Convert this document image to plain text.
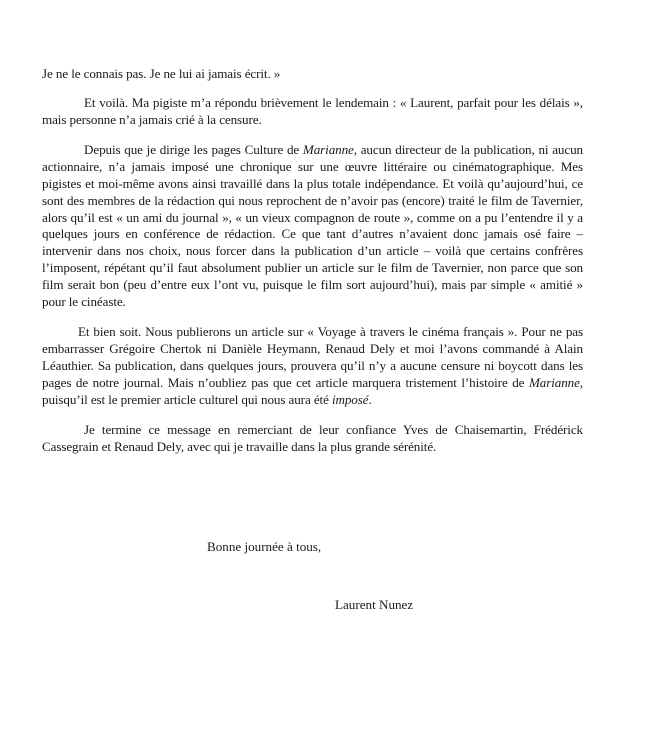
Je ne le connais pas. Je ne lui ai jamais écrit. »

Et voilà. Ma pigiste m’a répondu brièvement le lendemain : « Laurent, parfait pour les délais », mais personne n’a jamais crié à la censure.

Depuis que je dirige les pages Culture de Marianne, aucun directeur de la publication, ni aucun actionnaire, n’a jamais imposé une chronique sur une œuvre littéraire ou cinématographique. Mes pigistes et moi-même avons ainsi travaillé dans la plus totale indépendance. Et voilà qu’aujourd’hui, ce sont des membres de la rédaction qui nous reprochent de n’avoir pas (encore) traité le film de Tavernier, alors qu’il est « un ami du journal », « un vieux compagnon de route », comme on a pu l’entendre il y a quelques jours en conférence de rédaction. Ce que tant d’autres n’avaient donc jamais osé faire – intervenir dans nos choix, nous forcer dans la publication d’un article – voilà que certains confrères l’imposent, répétant qu’il faut absolument publier un article sur le film de Tavernier, non parce que son film serait bon (peu d’entre eux l’ont vu, puisque le film sort aujourd’hui), mais par simple « amitié » pour le cinéaste.

Et bien soit. Nous publierons un article sur « Voyage à travers le cinéma français ». Pour ne pas embarrasser Grégoire Chertok ni Danièle Heymann, Renaud Dely et moi l’avons commandé à Alain Léauthier. Sa publication, dans quelques jours, prouvera qu’il n’y a aucune censure ni boycott dans les pages de notre journal. Mais n’oubliez pas que cet article marquera tristement l’histoire de Marianne, puisqu’il est le premier article culturel qui nous aura été imposé.

Je termine ce message en remerciant de leur confiance Yves de Chaisemartin, Frédérick Cassegrain et Renaud Dely, avec qui je travaille dans la plus grande sérénité.

Bonne journée à tous,

Laurent Nunez
